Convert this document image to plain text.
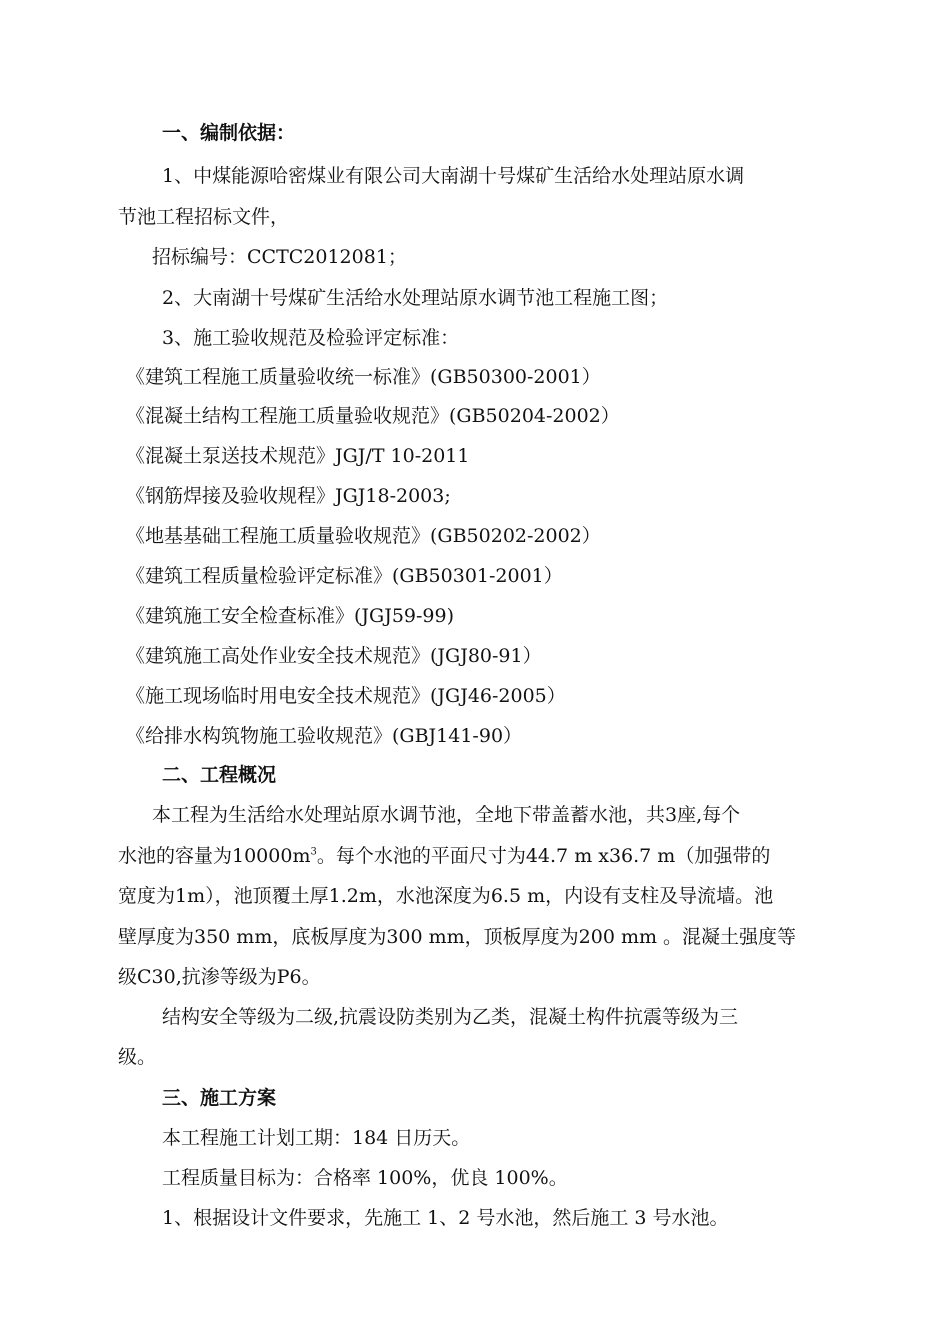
一、编制依据：
1、中煤能源哈密煤业有限公司大南湖十号煤矿生活给水处理站原水调
节池工程招标文件，
招标编号：CCTC2012081；
2、大南湖十号煤矿生活给水处理站原水调节池工程施工图；
3、施工验收规范及检验评定标准：
《建筑工程施工质量验收统一标准》(GB50300-2001）
《混凝土结构工程施工质量验收规范》(GB50204-2002）
《混凝土泵送技术规范》JGJ/T 10-2011
《钢筋焊接及验收规程》JGJ18-2003;
《地基基础工程施工质量验收规范》(GB50202-2002）
《建筑工程质量检验评定标准》(GB50301-2001）
《建筑施工安全检查标准》(JGJ59-99)
《建筑施工高处作业安全技术规范》(JGJ80-91）
《施工现场临时用电安全技术规范》(JGJ46-2005）
《给排水构筑物施工验收规范》(GBJ141-90）
二、工程概况
本工程为生活给水处理站原水调节池，全地下带盖蓄水池，共3座,每个
水池的容量为$10000m^3$。每个水池的平面尺寸为44.7 m x36.7 m（加强带的
宽度为1m），池顶覆土厚1.2m，水池深度为6.5 m，内设有支柱及导流墙。池
壁厚度为350 mm，底板厚度为300 mm，顶板厚度为200 mm 。混凝土强度等
级C30,抗渗等级为P6。
结构安全等级为二级,抗震设防类别为乙类，混凝土构件抗震等级为三
级。
三、施工方案
本工程施工计划工期：184 日历天。
工程质量目标为：合格率 100%，优良 100%。
1、根据设计文件要求，先施工 1、2 号水池，然后施工 3 号水池。
